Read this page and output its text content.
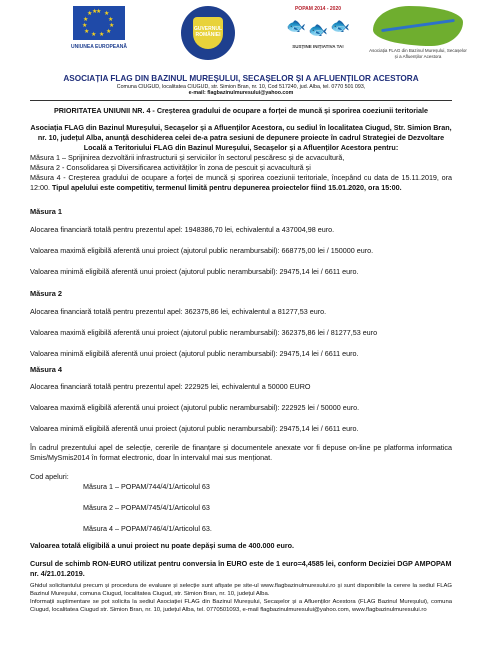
★ ★
★
★
★
★
★
★
★
★
★ ★
UNIUNEA EUROPEANĂ
GUVERNUL ROMÂNIEI
POPAM 2014 - 2020
🐟 🐟 🐟
SUSȚINE INIȚIATIVA TA!
Asociația FLAG din Bazinul Mureșului, Secașelor și a Afluenților Acestora
ASOCIAȚIA FLAG DIN BAZINUL MUREȘULUI, SECAȘELOR ȘI A AFLUENȚILOR ACESTORA
Comuna CIUGUD, localitatea CIUGUD, str. Simion Bran, nr. 10, Cod 517240, jud. Alba, tel. 0770 501 093,
e-mail: flagbazinulmuresului@yahoo.com
PRIORITATEA UNIUNII NR. 4 - Creșterea gradului de ocupare a forței de muncă și sporirea coeziunii teritoriale
Asociația FLAG din Bazinul Mureșului, Secașelor și a Afluenților Acestora, cu sediul în localitatea Ciugud, Str. Simion Bran, nr. 10, județul Alba, anunță deschiderea celei de-a patra sesiuni de depunere proiecte în cadrul Strategiei de Dezvoltare Locală a Teritoriului FLAG din Bazinul Mureșului, Secașelor și a Afluenților Acestora pentru:
Măsura 1 – Sprijinirea dezvoltării infrastructurii și serviciilor în sectorul pescăresc și de acvacultură,
Măsura 2 - Consolidarea și Diversificarea activităților în zona de pescuit și acvacultură și
Măsura 4 - Creșterea gradului de ocupare a forței de muncă și sporirea coeziunii teritoriale, începând cu data de 15.11.2019, ora 12:00. Tipul apelului este competitiv, termenul limită pentru depunerea proiectelor fiind 15.01.2020, ora 15:00.
Măsura 1
Alocarea financiară totală pentru prezentul apel: 1948386,70 lei, echivalentul a 437004,98 euro.
Valoarea maximă eligibilă aferentă unui proiect (ajutorul public nerambursabil): 668775,00 lei / 150000 euro.
Valoarea minimă eligibilă aferentă unui proiect (ajutorul public nerambursabil): 29475,14 lei / 6611 euro.
Măsura 2
Alocarea financiară totală pentru prezentul apel: 362375,86 lei, echivalentul a 81277,53 euro.
Valoarea maximă eligibilă aferentă unui proiect (ajutorul public nerambursabil): 362375,86 lei / 81277,53 euro
Valoarea minimă eligibilă aferentă unui proiect (ajutorul public nerambursabil): 29475,14 lei / 6611 euro.
Măsura 4
Alocarea financiară totală pentru prezentul apel: 222925 lei, echivalentul a 50000 EURO
Valoarea maximă eligibilă aferentă unui proiect (ajutorul public nerambursabil): 222925 lei / 50000 euro.
Valoarea minimă eligibilă aferentă unui proiect (ajutorul public nerambursabil): 29475,14 lei / 6611 euro.
În cadrul prezentului apel de selecție, cererile de finanțare și documentele anexate vor fi depuse on-line pe platforma informatica Smis/MySmis2014 în format electronic, doar în intervalul mai sus menționat.
Cod apeluri:
Măsura 1 – POPAM/744/4/1/Articolul 63
Măsura 2 – POPAM/745/4/1/Articolul 63
Măsura 4 – POPAM/746/4/1/Articolul 63.
Valoarea totală eligibilă a unui proiect nu poate depăși suma de 400.000 euro.
Cursul de schimb RON-EURO utilizat pentru conversia în EURO este de 1 euro=4,4585 lei, conform Deciziei DGP AMPOPAM nr. 4/21.01.2019.
Ghidul solicitantului precum și procedura de evaluare și selecție sunt afișate pe site-ul www.flagbazinulmuresului.ro și sunt disponibile la cerere la sediul FLAG Bazinul Mureșului, comuna Ciugud, localitatea Ciugud, str. Simion Bran, nr. 10, județul Alba.
Informații suplimentare se pot solicita la sediul Asociației FLAG din Bazinul Mureșului, Secașelor și a Afluenților Acestora (FLAG Bazinul Mureșului), comuna Ciugud, localitatea Ciugud str. Simion Bran, nr. 10, județul Alba, tel. 0770501093, e-mail flagbazinulmuresului@yahoo.com, www.flagbazinulmuresului.ro
